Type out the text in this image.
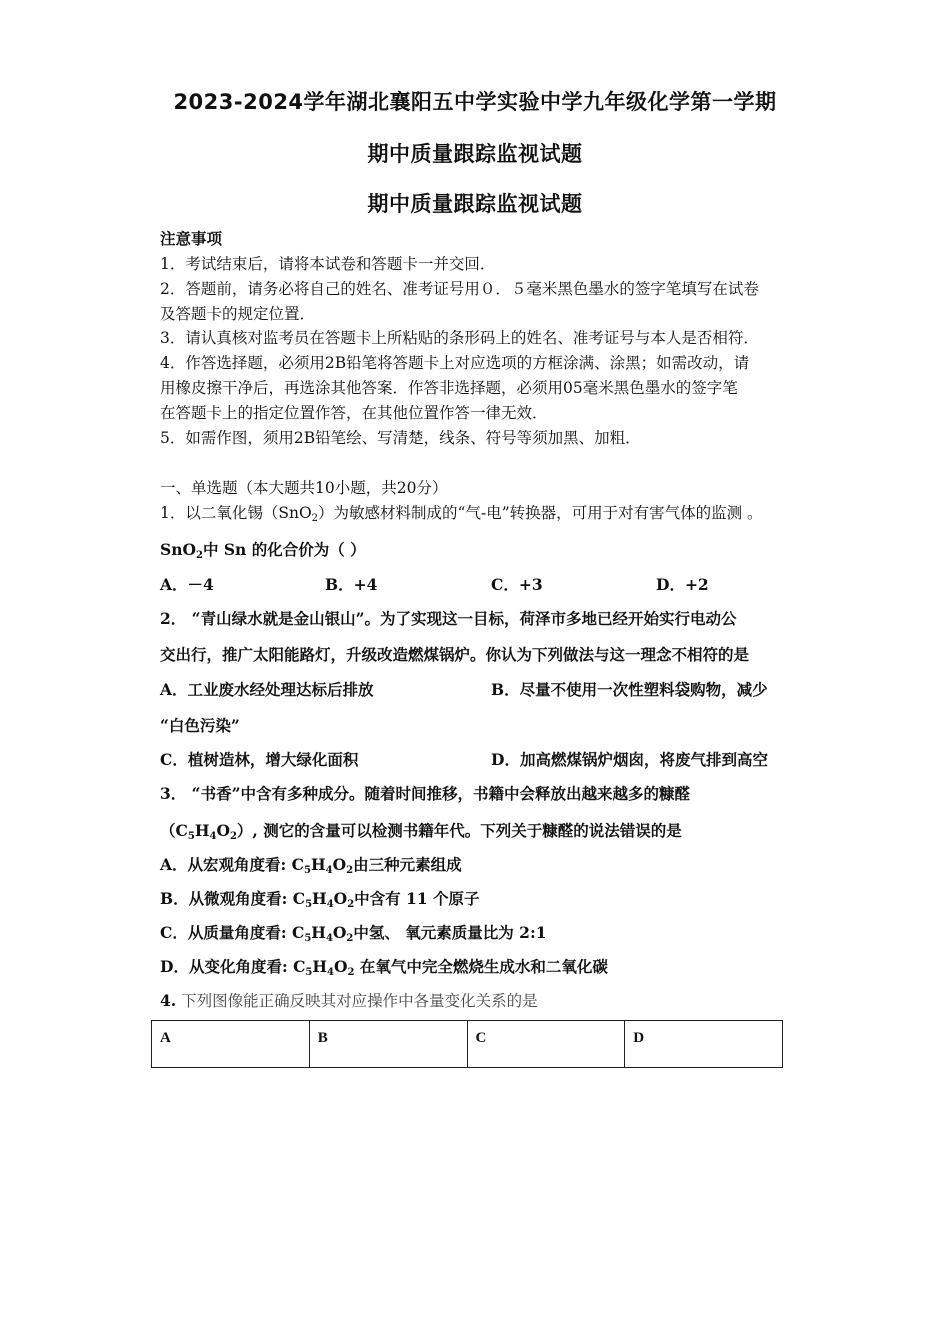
2023-2024学年湖北襄阳五中学实验中学九年级化学第一学期
期中质量跟踪监视试题
期中质量跟踪监视试题
注意事项
1．考试结束后，请将本试卷和答题卡一并交回．
2．答题前，请务必将自己的姓名、准考证号用０．５毫米黑色墨水的签字笔填写在试卷
及答题卡的规定位置．
3．请认真核对监考员在答题卡上所粘贴的条形码上的姓名、准考证号与本人是否相符．
4．作答选择题，必须用2B铅笔将答题卡上对应选项的方框涂满、涂黑；如需改动，请
用橡皮擦干净后，再选涂其他答案．作答非选择题，必须用05毫米黑色墨水的签字笔
在答题卡上的指定位置作答，在其他位置作答一律无效．
5．如需作图，须用2B铅笔绘、写清楚，线条、符号等须加黑、加粗．
一、单选题（本大题共10小题，共20分）
1．以二氧化锡（SnO$_2$）为敏感材料制成的“气-电”转换器，可用于对有害气体的监测 。
SnO$_2$中 Sn 的化合价为（ ）
A．－4	B．+4	C．+3	D．+2
2． “青山绿水就是金山银山”。为了实现这一目标，荷泽市多地已经开始实行电动公
交出行，推广太阳能路灯，升级改造燃煤锅炉。你认为下列做法与这一理念不相符的是
A．工业废水经处理达标后排放	B．尽量不使用一次性塑料袋购物，减少
“白色污染”
C．植树造林，增大绿化面积	D．加高燃煤锅炉烟囱，将废气排到高空
3． “书香”中含有多种成分。随着时间推移，书籍中会释放出越来越多的糠醛
$(C_5H_4O_2)$, 测它的含量可以检测书籍年代。下列关于糠醛的说法错误的是
A．从宏观角度看: $C_5H_4O_2$由三种元素组成
B．从微观角度看: $C_5H_4O_2$中含有 11 个原子
C．从质量角度看: $C_5H_4O_2$中氢、 氧元素质量比为 2:1
D．从变化角度看: $C_5H_4O_2$ 在氧气中完全燃烧生成水和二氧化碳
4. 下列图像能正确反映其对应操作中各量变化关系的是
A	B	C	D
